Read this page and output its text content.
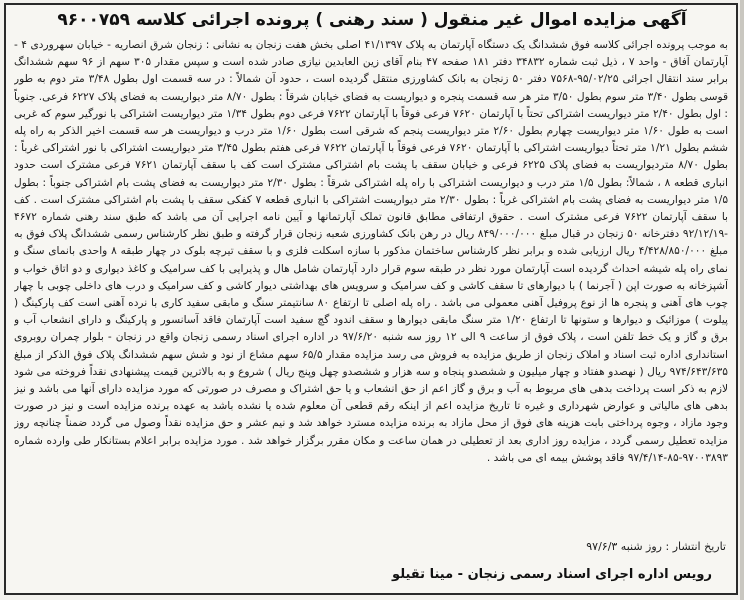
آگهی مزایده اموال غیر منقول ( سند رهنی ) پرونده اجرائی کلاسه ۹۶۰۰۷۵۹
به موجب پرونده اجرائی کلاسه فوق ششدانگ یک دستگاه آپارتمان به پلاک ۴۱/۱۳۹۷ اصلی بخش هفت زنجان به نشانی : زنجان شرق انصاریه - خیابان سهروردی ۴ - آپارتمان آفاق - واحد ۷ ، ذیل ثبت شماره ۳۴۸۳۲ دفتر ۱۸۱ صفحه ۴۷ بنام آقای زین العابدین نیازی صادر شده است و سپس مقدار ۳۰۵ سهم از ۹۶ سهم ششدانگ برابر سند انتقال اجرائی ۹۵/۰۲/۲۵-۷۵۶۸ دفتر ۵۰ زنجان به بانک کشاورزی منتقل گردیده است ، حدود آن شمالاً : در سه قسمت اول بطول ۳/۴۸ متر دوم به طور قوسی بطول ۳/۴۰ متر سوم بطول ۳/۵۰ متر هر سه قسمت پنجره و دیواریست به فضای خیابان شرقاً : بطول ۸/۷۰ متر دیواریست به فضای پلاک ۶۲۲۷ فرعی. جنوباً : اول بطول ۲/۴۰ متر دیواریست اشتراکی تحتاً با آپارتمان ۷۶۲۰ فرعی فوقاً با آپارتمان ۷۶۲۲ فرعی دوم بطول ۱/۳۴ متر دیواریست اشتراکی با نورگیر سوم که غربی است به طول ۱/۶۰ متر دیواریست چهارم بطول ۲/۶۰ متر دیواریست پنجم که شرقی است بطول ۱/۶۰ متر درب و دیواریست هر سه قسمت اخیر الذکر به راه پله ششم بطول ۱/۲۱ متر تحتاً دیواریست اشتراکی با آپارتمان ۷۶۲۰ فرعی فوقاً با آپارتمان ۷۶۲۲ فرعی هفتم بطول ۳/۴۵ متر دیواریست اشتراکی با نور اشتراکی غرباً : بطول ۸/۷۰ متردیواریست به فضای پلاک ۶۲۲۵ فرعی و خیابان سقف با پشت بام اشتراکی مشترک است کف با سقف آپارتمان ۷۶۲۱ فرعی مشترک است حدود انباری قطعه ۸ ، شمالاً: بطول ۱/۵ متر درب و دیواریست اشتراکی با راه پله اشتراکی شرقاً : بطول ۲/۳۰ متر دیواریست به فضای پشت بام اشتراکی جنوباً : بطول ۱/۵ متر دیواریست به فضای پشت بام اشتراکی غرباً : بطول ۲/۳۰ متر دیواریست اشتراکی با انباری قطعه ۷ کفکی سقف با پشت بام اشتراکی مشترک است . کف با سقف آپارتمان ۷۶۲۲ فرعی مشترک است . حقوق ارتفاقی مطابق قانون تملک آپارتمانها و آیین نامه اجرایی آن می باشد که طبق سند رهنی شماره ۴۶۷۲ -۹۲/۱۲/۱۹ دفترخانه ۵۰ زنجان در قبال مبلغ ۸۴۹/۰۰۰/۰۰۰ ریال در رهن بانک کشاورزی شعبه زنجان قرار گرفته و طبق نظر کارشناس رسمی ششدانگ پلاک فوق به مبلغ ۴/۴۲۸/۸۵۰/۰۰۰ ریال ارزیابی شده و برابر نظر کارشناس ساختمان مذکور با سازه اسکلت فلزی و با سقف تیرچه بلوک در چهار طبقه ۸ واحدی بانمای سنگ و نمای راه پله شیشه احداث گردیده است آپارتمان مورد نظر در طبقه سوم قرار دارد آپارتمان شامل هال و پذیرایی با کف سرامیک و کاغذ دیواری و دو اتاق خواب و آشپزخانه به صورت اپن ( آجرنما ) با دیوارهای تا سقف کاشی و کف سرامیک و سرویس های بهداشتی دیوار کاشی و کف سرامیک و درب های داخلی چوبی با چهار چوب های آهنی و پنجره ها از نوع پروفیل آهنی معمولی می باشد . راه پله اصلی تا ارتفاع ۸۰ سانتیمتر سنگ و مابقی سفید کاری با نرده آهنی است کف پارکینگ ( پیلوت ) موزائیک و دیوارها و ستونها تا ارتفاع ۱/۲۰ متر سنگ مابقی دیوارها و سقف اندود گچ سفید است آپارتمان فاقد آسانسور و پارکینگ و دارای انشعاب آب و برق و گاز و یک خط تلفن است ، پلاک فوق از ساعت ۹ الی ۱۲ روز سه شنبه ۹۷/۶/۲۰ در اداره اجرای اسناد رسمی زنجان واقع در زنجان - بلوار چمران روبروی استانداری اداره ثبت اسناد و املاک زنجان از طریق مزایده به فروش می رسد مزایده مقدار ۶۵/۵ سهم مشاع از نود و شش سهم ششدانگ پلاک فوق الذکر از مبلغ ۹۷۴/۶۴۳/۶۳۵ ریال ( نهصدو هفتاد و چهار میلیون و ششصدو پنجاه و سه هزار و ششصدو چهل وپنج ریال ) شروع و به بالاترین قیمت پیشنهادی نقداً فروخته می شود لازم به ذکر است پرداخت بدهی های مربوط به آب و برق و گاز اعم از حق انشعاب و یا حق اشتراک و مصرف در صورتی که مورد مزایده دارای آنها می باشد و نیز بدهی های مالیاتی و عوارض شهرداری و غیره تا تاریخ مزایده اعم از اینکه رقم قطعی آن معلوم شده یا نشده باشد به عهده برنده مزایده است و نیز در صورت وجود مازاد ، وجوه پرداختی بابت هزینه های فوق از محل مازاد به برنده مزایده مسترد خواهد شد و نیم عشر و حق مزایده نقداً وصول می گردد ضمناً چنانچه روز مزایده تعطیل رسمی گردد ، مزایده روز اداری بعد از تعطیلی در همان ساعت و مکان مقرر برگزار خواهد شد . مورد مزایده برابر اعلام بستانکار طی وارده شماره ۹۷۰۰۳۸۹۳-۸۵-۹۷/۴/۱۴ فاقد پوشش بیمه ای می باشد .
تاریخ انتشار : روز شنبه ۹۷/۶/۳
رویس اداره اجرای اسناد رسمی زنجان - مینا تقیلو
